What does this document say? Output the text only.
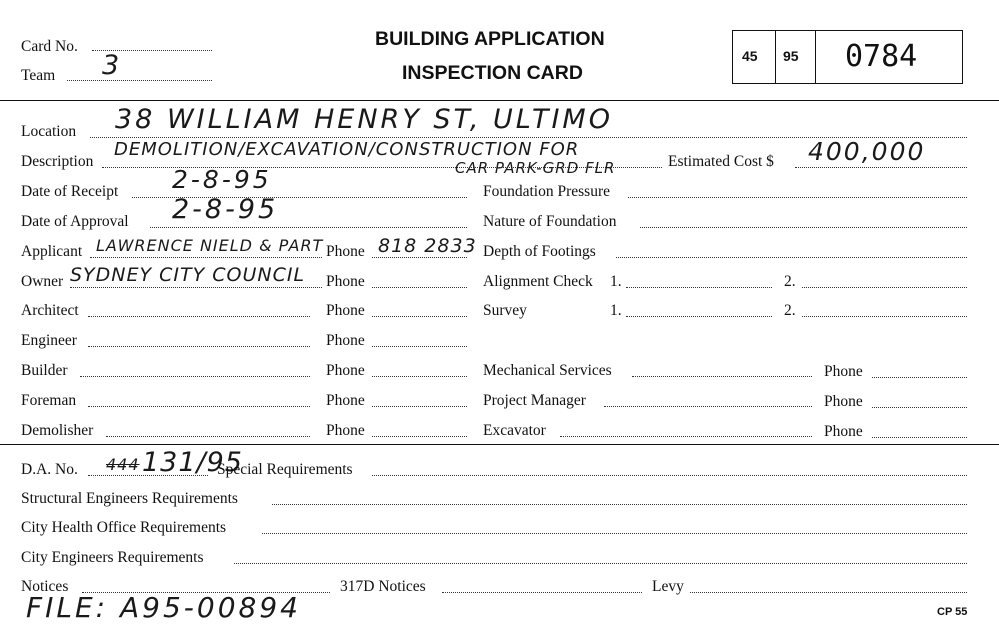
Card No.
Team 3
BUILDING APPLICATION
INSPECTION CARD
45 95 0784
Location 38 WILLIAM HENRY ST, ULTIMO
Description
DEMOLITION/EXCAVATION/CONSTRUCTION FOR
CAR PARK-GRD FLR	Estimated Cost $ 400,000
Date of Receipt 2-8-95
Date of Approval 2-8-95
Applicant LAWRENCE NIELD & PART Phone 818 2833
Owner SYDNEY CITY COUNCIL Phone
Architect	Phone
Engineer	Phone
Builder	Phone
Foreman	Phone
Demolisher	Phone
Foundation Pressure
Nature of Foundation
Depth of Footings
Alignment Check 1.	2.
Survey	1.	2.
Mechanical Services	Phone
Project Manager	Phone
Excavator	Phone
D.A. No. 444 131/95
Special Requirements
Structural Engineers Requirements
City Health Office Requirements
City Engineers Requirements
Notices	317D Notices	Levy
FILE: A95-00894	CP 55
